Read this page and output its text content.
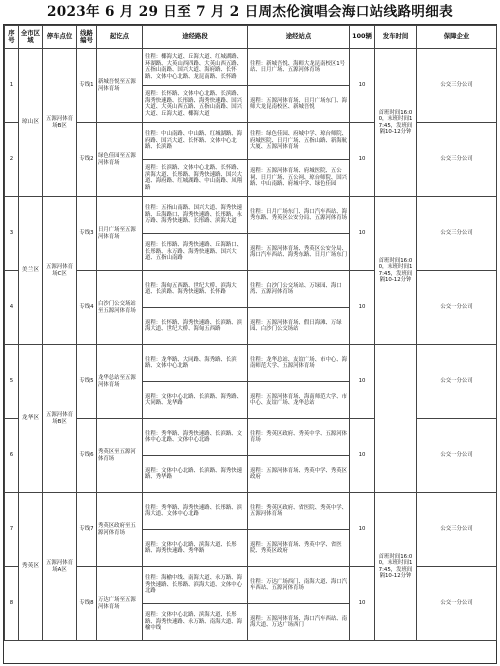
2023年 6 月 29 日至 7 月 2 日周杰伦演唱会海口站线路明细表
序号	全市区域	停车点位	线路编号	起讫点	途经路段	途经站点	100辆	发车时间	保障企业
1	琼山区	五源河体育场B区	专线1	新城吾悦至五源河体育场	往程：椰海大道、丘海大道、红城湖路、环湖路、大英山西四路、大英山西五路、五指山南路、国兴大道、海府路、长怀路、文体中心北路、龙昆南路、长怀路	往程：新城吾悦、海师大龙昆南校区1号站、日月广场、五源河体育场	10	首班时间16:00，末班时间17:45，发班间隔10-12分钟	公交三分公司
					返程：长怀路、文体中心北路、长滨路、海秀快速路、长彤路、海秀快速路、国兴大道、大英山西五路、五指山南路、国兴大道、丘海大道、椰海大道	返程：五源河体育场、日月广场东门、海师大龙昆南校区、新城吾悦			
2			专线2	绿色佳园至五源河体育场	往程：中山南路、中山路、红城湖路、海府路、国兴大道、长怀路、文体中心北路、长滨路	往程：绿色佳园、府城中学、琼台师院、府城医院、日月广场、五指山路、新海航大厦、五源河体育场	10		公交三分公司
					返程：长滨路、文体中心北路、长怀路、滨海大道、长彤路、海秀快速路、国兴大道、海府路、红城湖路、中山南路、凤翔路	返程：五源河体育场、府城医院、五公祠、日月广场、五公祠、琼台师院、国兴路、中山南路、府城中学、绿色佳园			
3	美兰区	五源河体育场C区	专线3	日月广场至五源河体育场	往程：五指山南路、国兴大道、海秀快速路、丘海路口、海秀快速路、长彤路、永万路、海秀快速路、长彤路、滨海大道	往程：日月广场东门、海口汽车西站、海秀东路、秀英区公安分局、五源河体育场	10	首班时间16:00，末班时间17:45，发班间隔10-12分钟	公交三分公司
					返程：长彤路、海秀快速路、丘海路口、长彤路、永万路、海秀快速路、国兴大道、五指山南路	返程：五源河体育场、秀英区公安分局、海口汽车西站、海秀东路、日月广场东门			
4			专线4	白沙门公交场站至五源河体育场	往程：海甸五西路、世纪大桥、滨海大道、长滨路、海秀快速路、长怀路	往程：白沙门公交场站、万绿园、海口湾、五源河体育场	10		公交一分公司
					返程：长怀路、海秀快速路、长滨路、滨海大道、世纪大桥、海甸五西路	返程：五源河体育场、假日海滩、万绿园、白沙门公交场站			
5	龙华区	五源河体育场B区	专线5	龙华总站至五源河体育场	往程：龙华路、大同路、海秀路、长滨路、文体中心北路	往程：龙华总站、友谊广场、市中心、海南师范大学、五源河体育场	10		公交一分公司
					返程：文体中心北路、长滨路、海秀路、大同路、龙华路	返程：五源河体育场、海南师范大学、市中心、友谊广场、龙华总站			
6			专线6	秀英区至五源河体育场	往程：秀华路、海秀快速路、长滨路、文体中心北路、文体中心北路	往程：秀英区政府、秀英中学、五源河体育场	10		公交一分公司
					返程：文体中心北路、长滨路、海秀快速路、秀华路	返程：五源河体育场、秀英中学、秀英区政府			
7	秀英区	五源河体育场A区	专线7	秀英区政府至五源河体育场	往程：秀华路、海秀快速路、长彤路、滨海大道、文体中心北路	往程：秀英区政府、省医院、秀英中学、五源河体育场	10	首班时间16:00，末班时间17:45，发班间隔10-12分钟	公交三分公司
					返程：文体中心北路、滨海大道、长彤路、海秀快速路、秀华路	返程：五源河体育场、秀英中学、省医院、秀英区政府			
8			专线8	万达广场至五源河体育场	往程：海榆中线、南海大道、永万路、海秀快速路、长彤路、滨海大道、文体中心北路	往程：万达广场西门、南海大道、海口汽车西站、五源河体育场	10		公交一分公司
					返程：文体中心北路、滨海大道、长彤路、海秀快速路、永万路、南海大道、海榆中线	返程：五源河体育场、海口汽车西站、南海大道、万达广场西门			
